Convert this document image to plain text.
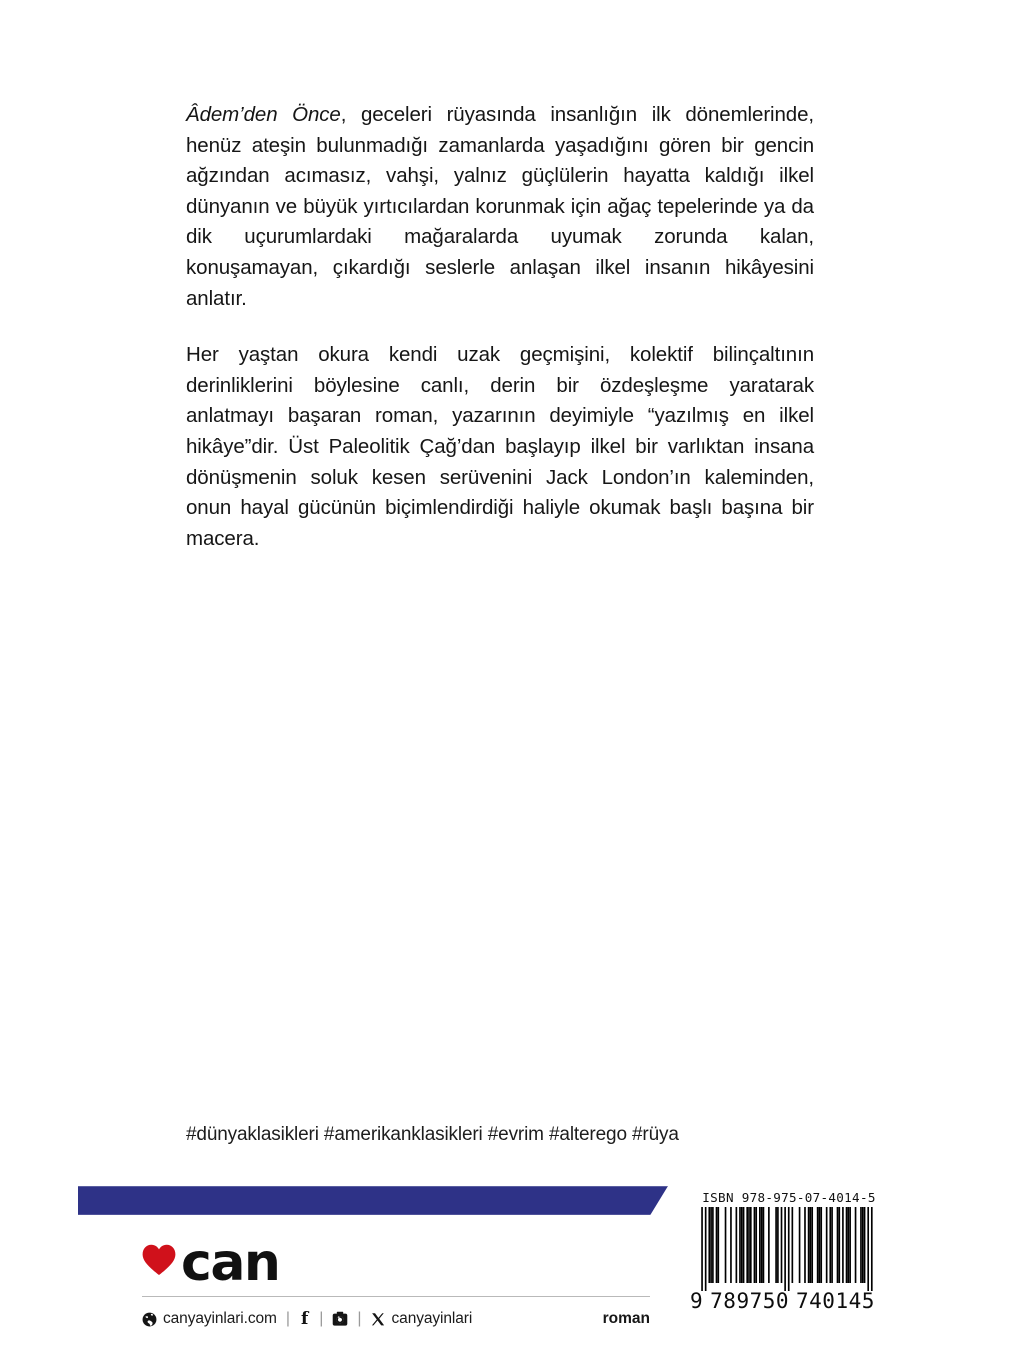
Âdem’den Önce, geceleri rüyasında insanlığın ilk dönemlerinde, henüz ateşin bulunmadığı zamanlarda yaşadığını gören bir gencin ağzından acımasız, vahşi, yalnız güçlülerin hayatta kaldığı ilkel dünyanın ve büyük yırtıcılardan korunmak için ağaç tepelerinde ya da dik uçurumlardaki mağaralarda uyumak zorunda kalan, konuşamayan, çıkardığı seslerle anlaşan ilkel insanın hikâyesini anlatır.

Her yaştan okura kendi uzak geçmişini, kolektif bilinçaltının derinliklerini böylesine canlı, derin bir özdeşleşme yaratarak anlatmayı başaran roman, yazarının deyimiyle “yazılmış en ilkel hikâye”dir. Üst Paleolitik Çağ’dan başlayıp ilkel bir varlıktan insana dönüşmenin soluk kesen serüvenini Jack London’ın kaleminden, onun hayal gücünün biçimlendirdiği haliyle okumak başlı başına bir macera.

#dünyaklasikleri #amerikanklasikleri #evrim #alterego #rüya
can
canyayinlari.com | f | | canyayinlari	roman
ISBN 978-975-07-4014-5
9 789750 740145
